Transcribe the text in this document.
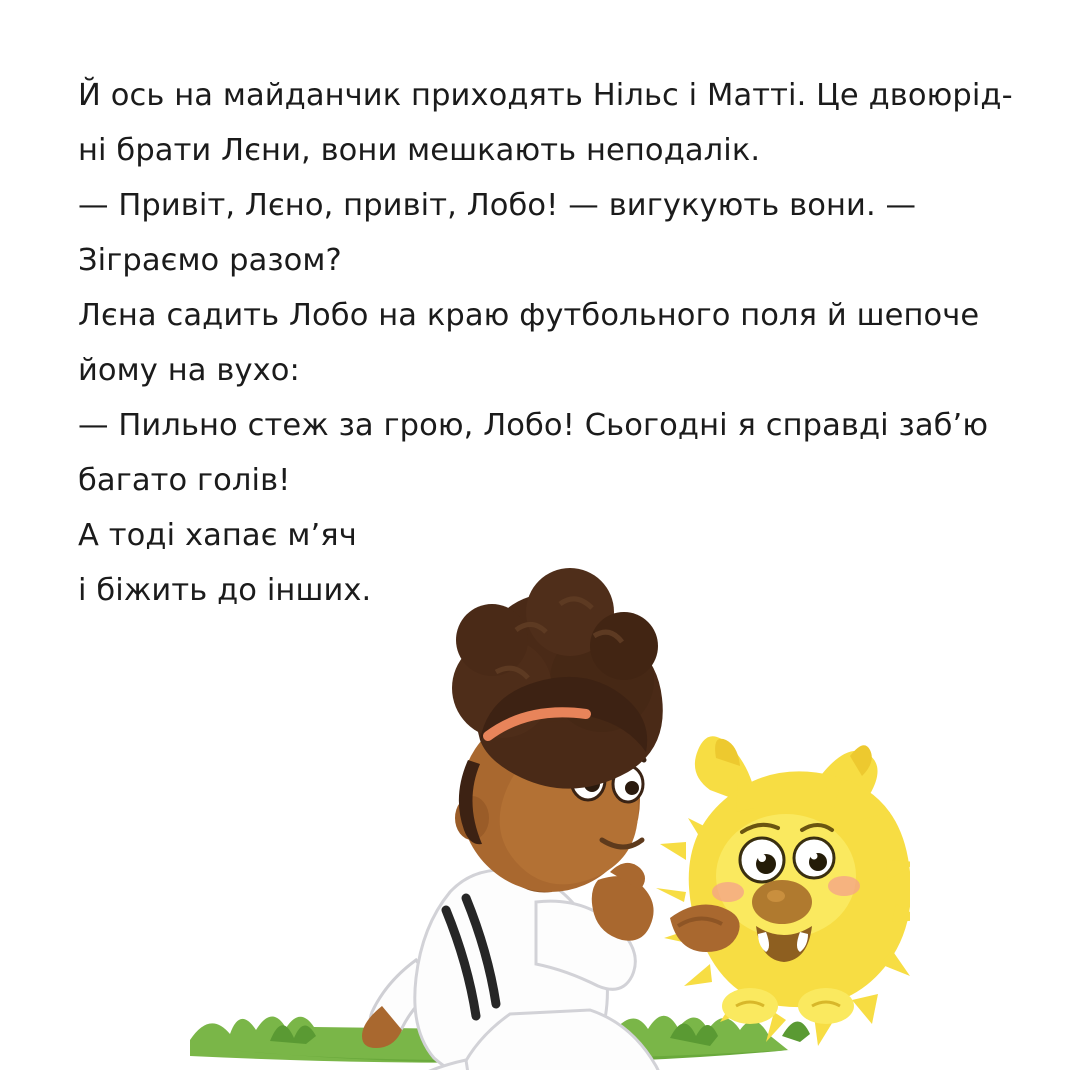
Й ось на майданчик приходять Нільс і Матті. Це двоюрід-

ні брати Лєни, вони мешкають неподалік.

— Привіт, Лєно, привіт, Лобо! — вигукують вони. —

Зіграємо разом?

Лєна садить Лобо на краю футбольного поля й шепоче

йому на вухо:

— Пильно стеж за грою, Лобо! Сьогодні я справді заб’ю

багато голів!

А тоді хапає м’яч

і біжить до інших.
